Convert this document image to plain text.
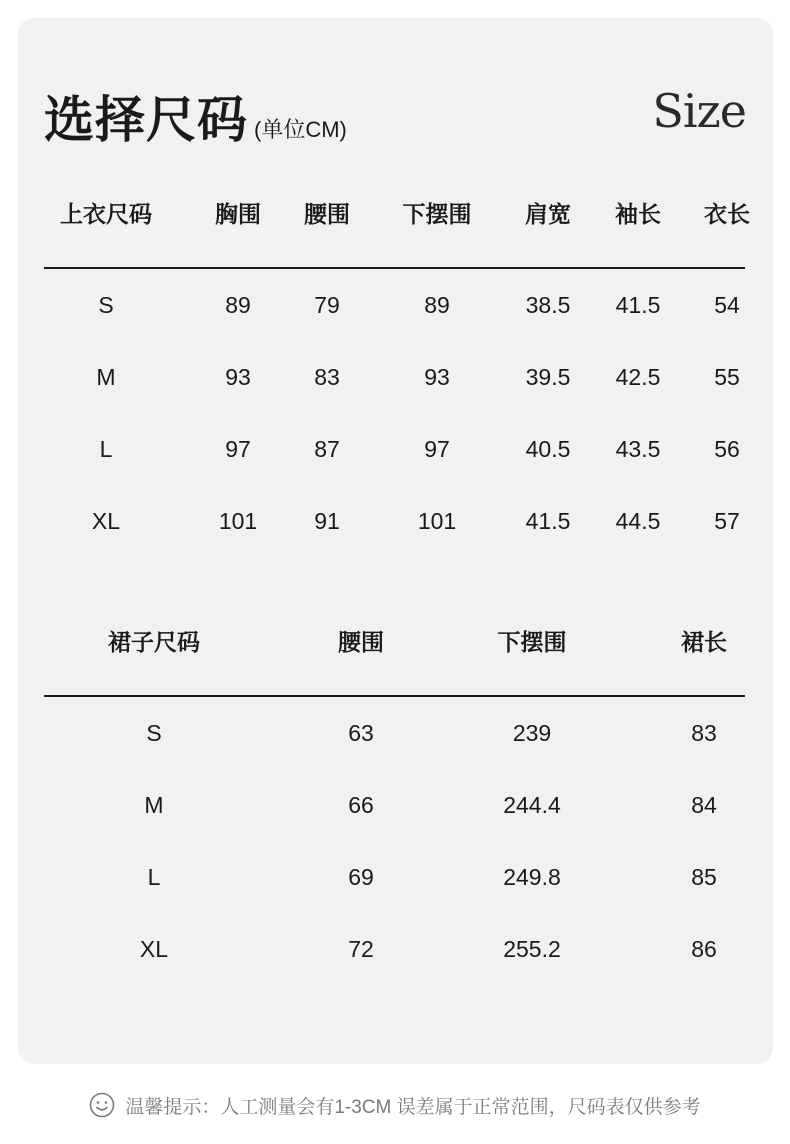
选择尺码 (单位CM)	Size
上衣尺码	胸围 腰围 下摆围 肩宽 袖长 衣长
S	89	79	89	38.5 41.5 54
M	93	83	93	39.5 42.5 55
L	97	87	97	40.5 43.5 56
XL	101 91	101	41.5 44.5 57
裙子尺码	腰围	下摆围	裙长
S	63	239	83
M	66	244.4	84
L	69	249.8	85
XL	72	255.2	86
温馨提示：人工测量会有1-3CM 误差属于正常范围，尺码表仅供参考
